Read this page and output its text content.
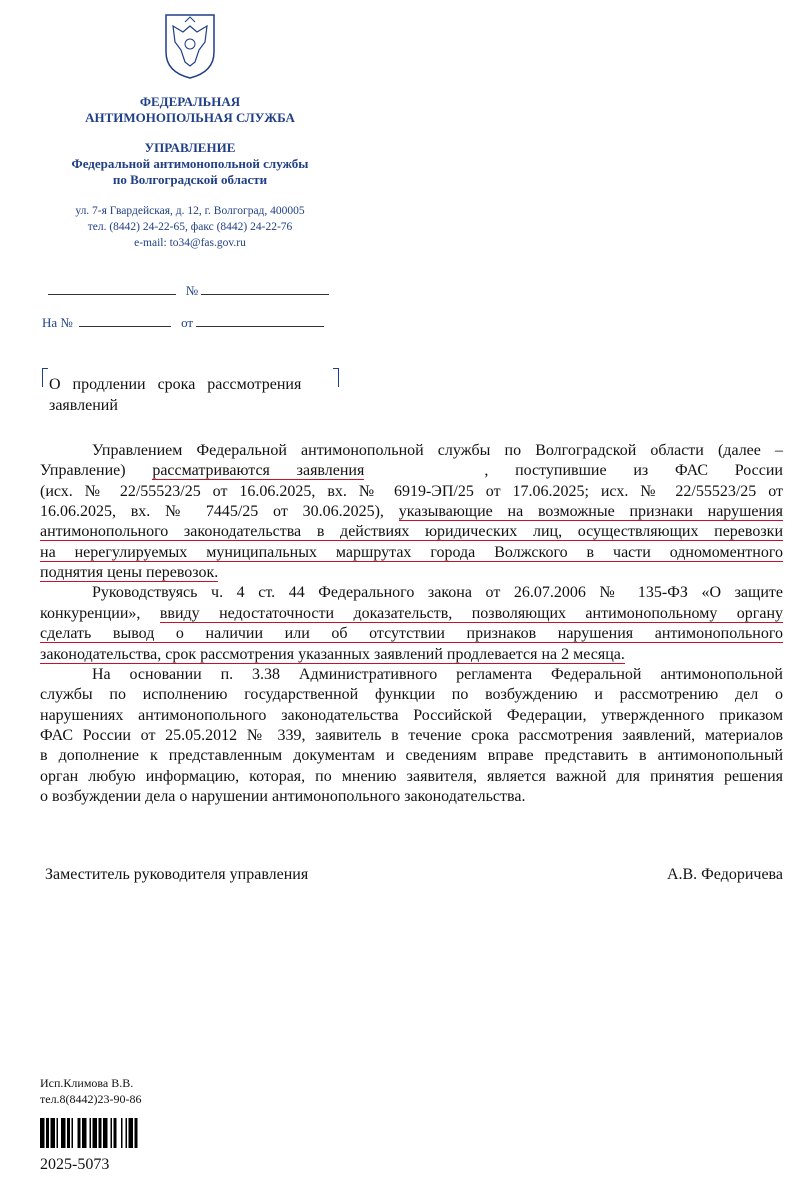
ФЕДЕРАЛЬНАЯ
АНТИМОНОПОЛЬНАЯ СЛУЖБА
УПРАВЛЕНИЕ
Федеральной антимонопольной службы
по Волгоградской области
ул. 7-я Гвардейская, д. 12, г. Волгоград, 400005
тел. (8442) 24-22-65, факс (8442) 24-22-76
e-mail: to34@fas.gov.ru
№
На №	от
О   продлении   срока   рассмотрения
заявлений
Управлением Федеральной антимонопольной службы по Волгоградской области (далее –
Управление) рассматриваются заявления	, поступившие из ФАС России
(исх. № 22/55523/25 от 16.06.2025, вх. № 6919-ЭП/25 от 17.06.2025; исх. № 22/55523/25 от
16.06.2025, вх. № 7445/25 от 30.06.2025), указывающие на возможные признаки нарушения
антимонопольного законодательства в действиях юридических лиц, осуществляющих перевозки
на нерегулируемых муниципальных маршрутах города Волжского в части одномоментного
поднятия цены перевозок.
Руководствуясь ч. 4 ст. 44 Федерального закона от 26.07.2006 № 135-ФЗ «О защите
конкуренции», ввиду недостаточности доказательств, позволяющих антимонопольному органу
сделать вывод о наличии или об отсутствии признаков нарушения антимонопольного
законодательства, срок рассмотрения указанных заявлений продлевается на 2 месяца.
На основании п. 3.38 Административного регламента Федеральной антимонопольной
службы по исполнению государственной функции по возбуждению и рассмотрению дел о
нарушениях антимонопольного законодательства Российской Федерации, утвержденного приказом
ФАС России от 25.05.2012 № 339, заявитель в течение срока рассмотрения заявлений, материалов
в дополнение к представленным документам и сведениям вправе представить в антимонопольный
орган любую информацию, которая, по мнению заявителя, является важной для принятия решения
о возбуждении дела о нарушении антимонопольного законодательства.
Заместитель руководителя управления	А.В. Федоричева
Исп.Климова В.В.
тел.8(8442)23-90-86
2025-5073
